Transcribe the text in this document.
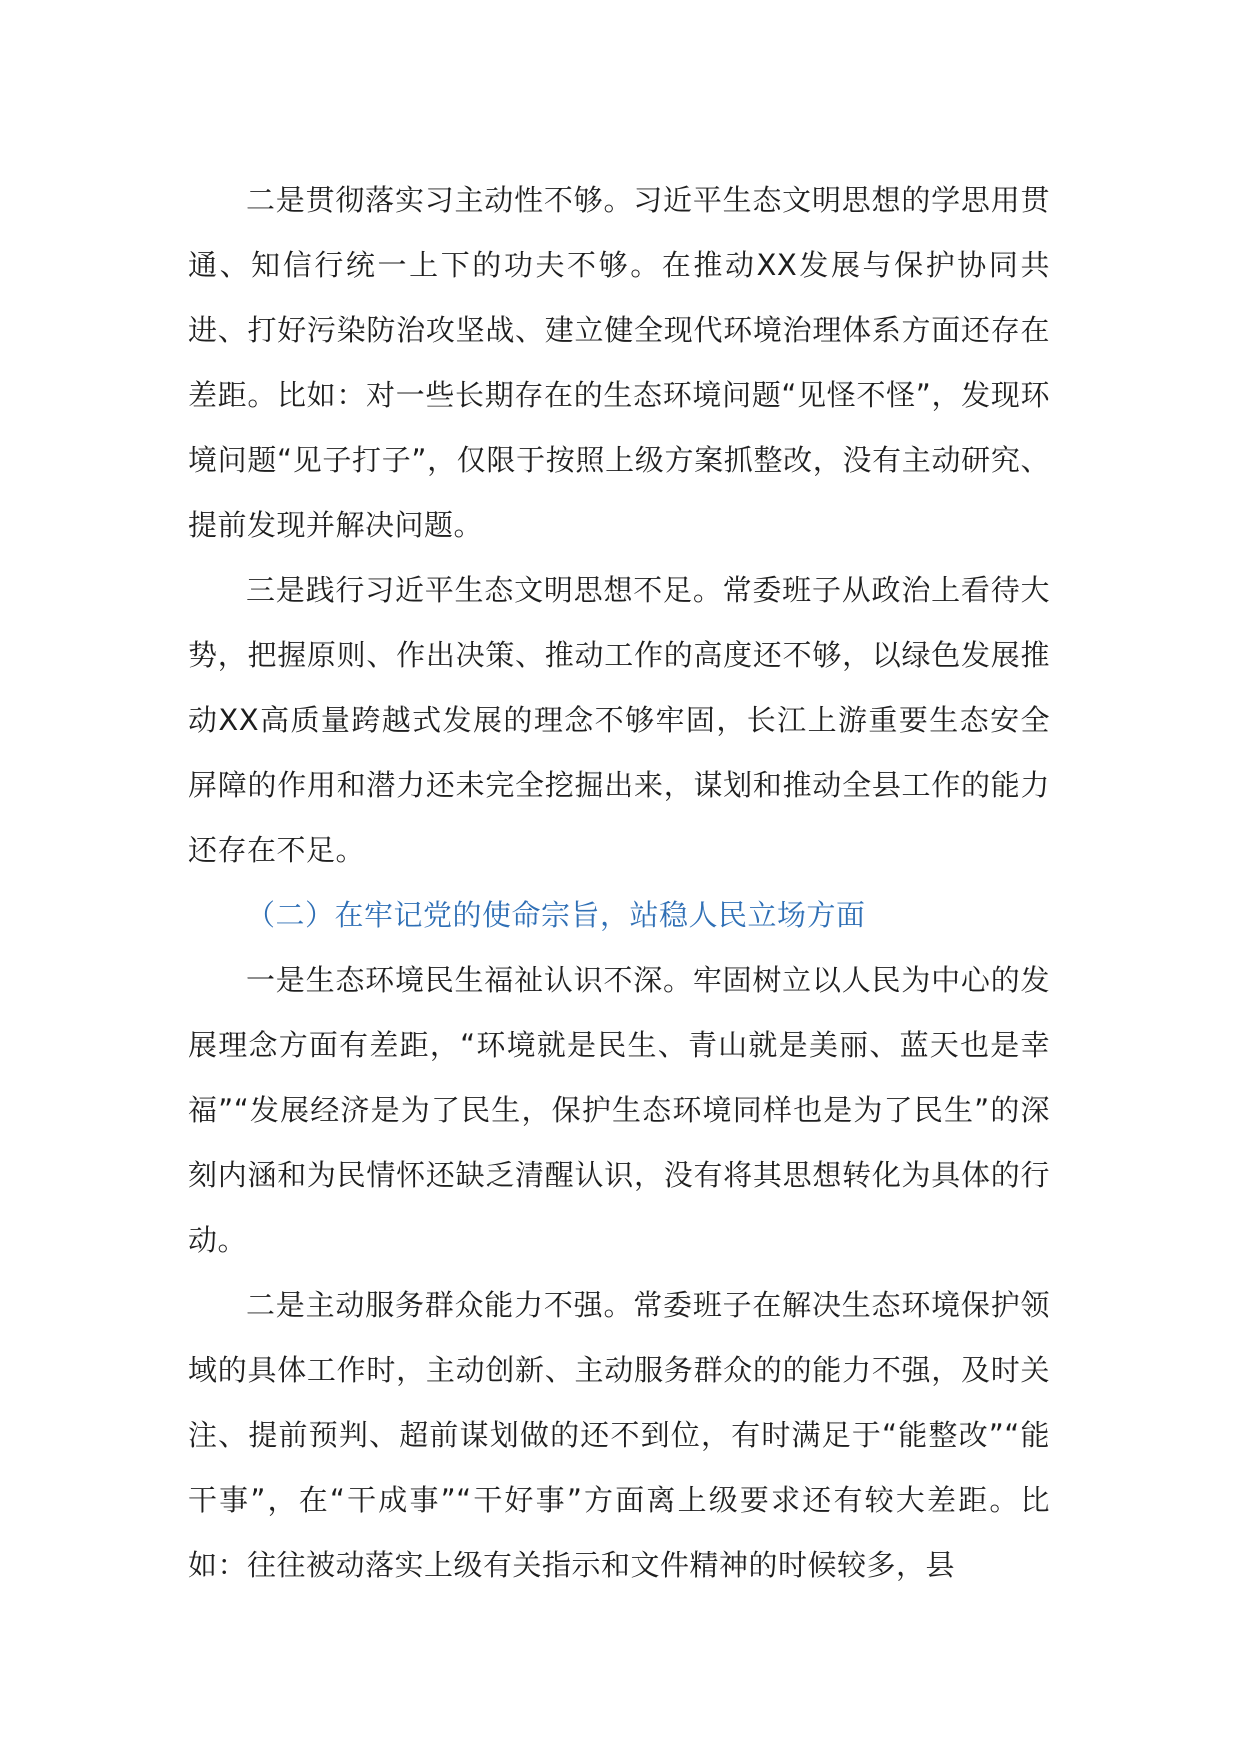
二是贯彻落实习主动性不够。习近平生态文明思想的学思用贯通、知信行统一上下的功夫不够。在推动XX发展与保护协同共进、打好污染防治攻坚战、建立健全现代环境治理体系方面还存在差距。比如：对一些长期存在的生态环境问题“见怪不怪”，发现环境问题“见子打子”，仅限于按照上级方案抓整改，没有主动研究、提前发现并解决问题。

三是践行习近平生态文明思想不足。常委班子从政治上看待大势，把握原则、作出决策、推动工作的高度还不够，以绿色发展推动XX高质量跨越式发展的理念不够牢固，长江上游重要生态安全屏障的作用和潜力还未完全挖掘出来，谋划和推动全县工作的能力还存在不足。

（二）在牢记党的使命宗旨，站稳人民立场方面

一是生态环境民生福祉认识不深。牢固树立以人民为中心的发展理念方面有差距，“环境就是民生、青山就是美丽、蓝天也是幸福”“发展经济是为了民生，保护生态环境同样也是为了民生”的深刻内涵和为民情怀还缺乏清醒认识，没有将其思想转化为具体的行动。

二是主动服务群众能力不强。常委班子在解决生态环境保护领域的具体工作时，主动创新、主动服务群众的的能力不强，及时关注、提前预判、超前谋划做的还不到位，有时满足于“能整改”“能干事”，在“干成事”“干好事”方面离上级要求还有较大差距。比如：往往被动落实上级有关指示和文件精神的时候较多，县
